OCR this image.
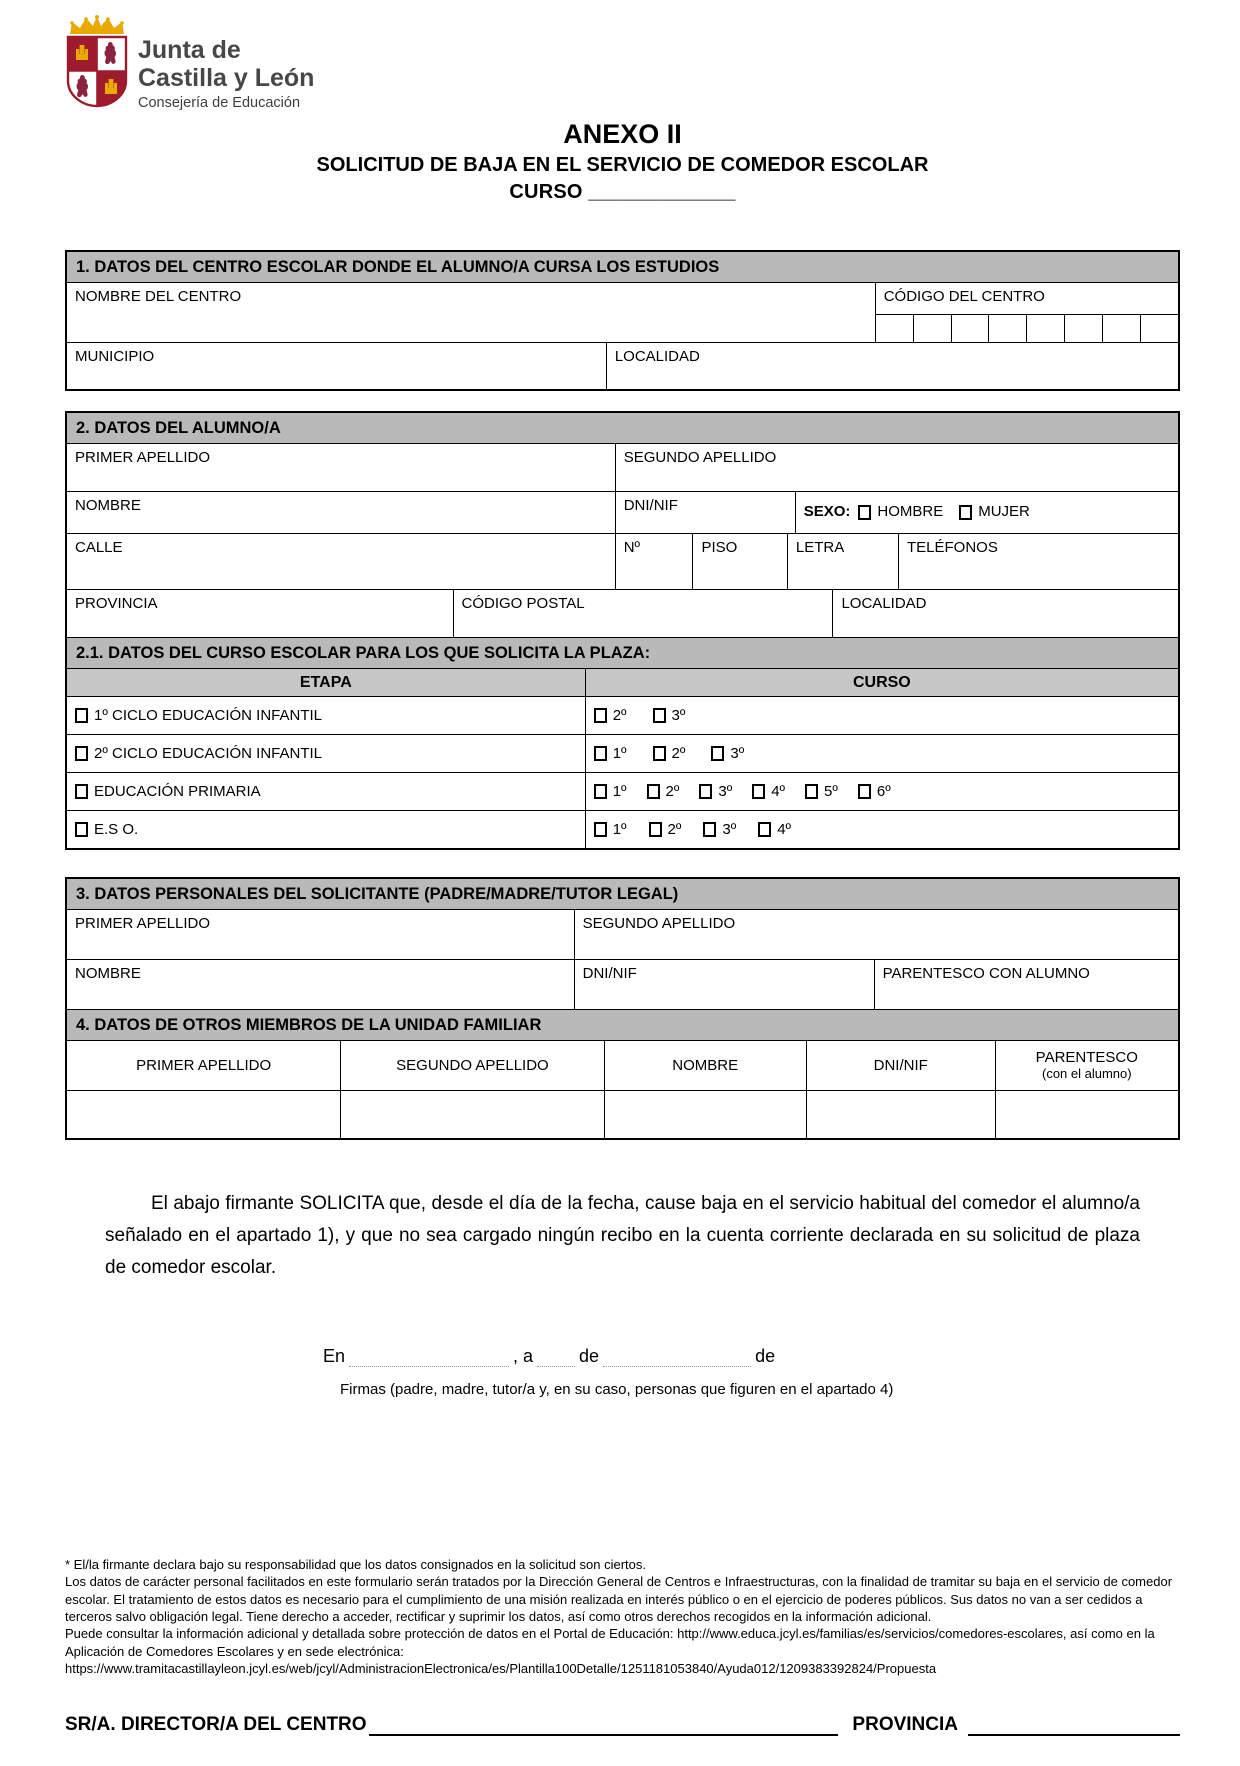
Junta de
Castilla y León
Consejería de Educación
ANEXO II
SOLICITUD DE BAJA EN EL SERVICIO DE COMEDOR ESCOLAR
CURSO _____________
1. DATOS DEL CENTRO ESCOLAR DONDE EL ALUMNO/A CURSA LOS ESTUDIOS
NOMBRE DEL CENTRO	CÓDIGO DEL CENTRO
MUNICIPIO	LOCALIDAD
2. DATOS DEL ALUMNO/A
PRIMER APELLIDO	SEGUNDO APELLIDO
NOMBRE	DNI/NIF	SEXO: HOMBRE MUJER
CALLE	Nº	PISO	LETRA	TELÉFONOS
PROVINCIA	CÓDIGO POSTAL	LOCALIDAD
2.1. DATOS DEL CURSO ESCOLAR PARA LOS QUE SOLICITA LA PLAZA:
ETAPA	CURSO
1º CICLO EDUCACIÓN INFANTIL	2º	3º
2º CICLO EDUCACIÓN INFANTIL	1º	2º	3º
EDUCACIÓN PRIMARIA	1º	2º	3º	4º	5º	6º
E.S O.	1º	2º	3º	4º
3. DATOS PERSONALES DEL SOLICITANTE (PADRE/MADRE/TUTOR LEGAL)
PRIMER APELLIDO	SEGUNDO APELLIDO
NOMBRE	DNI/NIF	PARENTESCO CON ALUMNO
4. DATOS DE OTROS MIEMBROS DE LA UNIDAD FAMILIAR
PRIMER APELLIDO	SEGUNDO APELLIDO	NOMBRE	DNI/NIF	PARENTESCO
(con el alumno)

El abajo firmante SOLICITA que, desde el día de la fecha, cause baja en el servicio habitual del comedor el alumno/a señalado en el apartado 1), y que no sea cargado ningún recibo en la cuenta corriente declarada en su solicitud de plaza de comedor escolar.

En	, a	de	de
Firmas (padre, madre, tutor/a y, en su caso, personas que figuren en el apartado 4)

* El/la firmante declara bajo su responsabilidad que los datos consignados en la solicitud son ciertos.

Los datos de carácter personal facilitados en este formulario serán tratados por la Dirección General de Centros e Infraestructuras, con la finalidad de tramitar su baja en el servicio de comedor escolar. El tratamiento de estos datos es necesario para el cumplimiento de una misión realizada en interés público o en el ejercicio de poderes públicos. Sus datos no van a ser cedidos a terceros salvo obligación legal. Tiene derecho a acceder, rectificar y suprimir los datos, así como otros derechos recogidos en la información adicional.

Puede consultar la información adicional y detallada sobre protección de datos en el Portal de Educación: http://www.educa.jcyl.es/familias/es/servicios/comedores-escolares, así como en la Aplicación de Comedores Escolares y en sede electrónica:

https://www.tramitacastillayleon.jcyl.es/web/jcyl/AdministracionElectronica/es/Plantilla100Detalle/1251181053840/Ayuda012/1209383392824/Propuesta

SR/A. DIRECTOR/A DEL CENTRO	PROVINCIA
